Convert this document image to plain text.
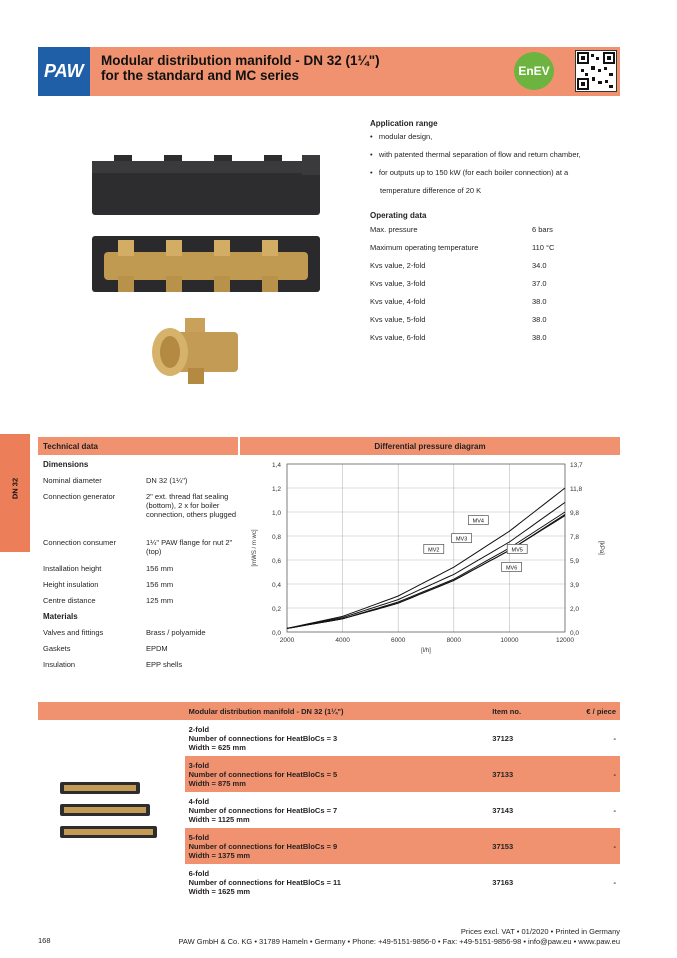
PAW
Modular distribution manifold - DN 32 (1¼")
for the standard and MC series	EnEV
Application range
•   modular design,
•   with patented thermal separation of flow and return chamber,
•   for outputs up to 150 kW (for each boiler connection) at a
temperature difference of 20 K
Operating data
Max. pressure	6 bars
Maximum operating temperature	110 °C
Kvs value, 2-fold	34.0
Kvs value, 3-fold	37.0
Kvs value, 4-fold	38.0
Kvs value, 5-fold	38.0
Kvs value, 6-fold	38.0
DN 32
Technical data	Differential pressure diagram
Dimensions
Nominal diameter	DN 32 (1¼")
Connection generator	2" ext. thread flat sealing (bottom), 2 x for boiler connection, others plugged
Connection consumer	1¼" PAW flange for nut 2" (top)
Installation height	156 mm
Height insulation	156 mm
Centre distance	125 mm
Materials
Valves and fittings	Brass / polyamide
Gaskets	EPDM
Insulation	EPP shells
0,0	0,0
0,2	2,0
0,4	3,9
0,6	5,9
0,8	7,8
1,0	9,8
1,2	11,8
1,4	13,7
2000	4000	6000	8000	10000	12000
[l/h]
[mWS / m wc]	[kPa]
MV2
MV3
MV4
MV5
MV6
	Modular distribution manifold - DN 32 (1¼")	Item no.	€ / piece

2-fold
Number of connections for HeatBloCs = 3
Width = 625 mm	37123	-

	3-fold
Number of connections for HeatBloCs = 5
Width = 875 mm	37133	-

	4-fold
Number of connections for HeatBloCs = 7
Width = 1125 mm	37143	-

	5-fold
Number of connections for HeatBloCs = 9
Width = 1375 mm	37153	-

	6-fold
Number of connections for HeatBloCs = 11
Width = 1625 mm	37163	-
168
Prices excl. VAT • 01/2020 • Printed in Germany
PAW GmbH & Co. KG • 31789 Hameln • Germany • Phone: +49-5151-9856-0 • Fax: +49-5151-9856-98 • info@paw.eu • www.paw.eu
